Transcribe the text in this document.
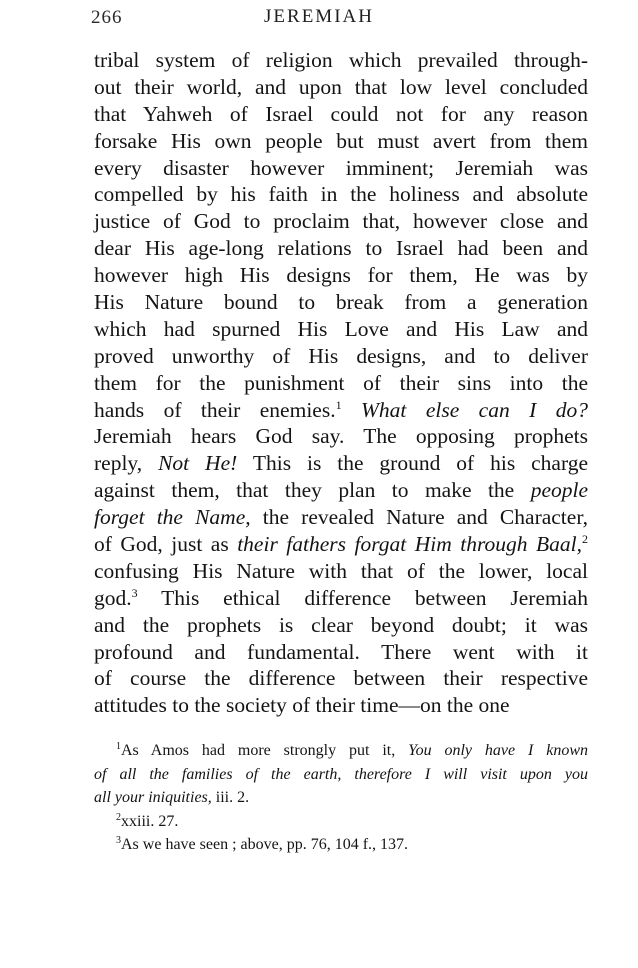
266	JEREMIAH
tribal system of religion which prevailed through-
out their world, and upon that low level concluded
that Yahweh of Israel could not for any reason
forsake His own people but must avert from them
every disaster however imminent; Jeremiah was
compelled by his faith in the holiness and absolute
justice of God to proclaim that, however close and
dear His age-long relations to Israel had been and
however high His designs for them, He was by
His Nature bound to break from a generation
which had spurned His Love and His Law and
proved unworthy of His designs, and to deliver
them for the punishment of their sins into the
hands of their enemies.$^1$ What else can I do?
Jeremiah hears God say. The opposing prophets
reply, Not He! This is the ground of his charge
against them, that they plan to make the people
forget the Name, the revealed Nature and Character,
of God, just as their fathers forgat Him through Baal,$^2$
confusing His Nature with that of the lower, local
god.$^3$ This ethical difference between Jeremiah
and the prophets is clear beyond doubt; it was
profound and fundamental. There went with it
of course the difference between their respective
attitudes to the society of their time—on the one
$^1$As Amos had more strongly put it, You only have I known
of all the families of the earth, therefore I will visit upon you
all your iniquities, iii. 2.
$^2$xxiii. 27.
$^3$As we have seen ; above, pp. 76, 104 f., 137.
